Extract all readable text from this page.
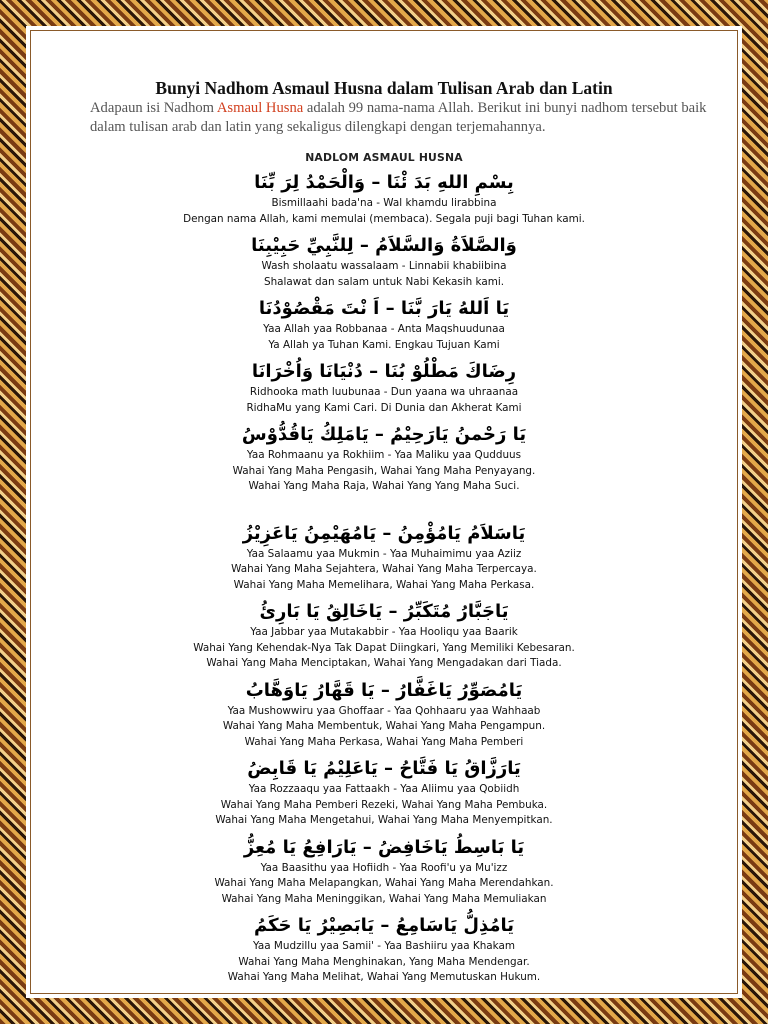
Bunyi Nadhom Asmaul Husna dalam Tulisan Arab dan Latin

Adapaun isi Nadhom Asmaul Husna adalah 99 nama-nama Allah. Berikut ini bunyi nadhom tersebut baik dalam tulisan arab dan latin yang sekaligus dilengkapi dengan terjemahannya.

NADLOM ASMAUL HUSNA
بِسْمِ اللهِ بَدَ ئْنَا – وَالْحَمْدُ لِرَ بِّنَا
Bismillaahi bada'na - Wal khamdu lirabbina
Dengan nama Allah, kami memulai (membaca). Segala puji bagi Tuhan kami.
وَالصَّلاَةُ وَالسَّلاَمُ – لِلنَّبِيِّ حَبِيْبِنَا
Wash sholaatu wassalaam - Linnabii khabiibina
Shalawat dan salam untuk Nabi Kekasih kami.
يَا اَللهُ يَارَ بَّنَا – اَ نْتَ مَقْصُوْدُنَا
Yaa Allah yaa Robbanaa - Anta Maqshuudunaa
Ya Allah ya Tuhan Kami. Engkau Tujuan Kami
رِضَاكَ مَطْلُوْ بُنَا – دُنْيَانَا وَاُخْرَانَا
Ridhooka math luubunaa - Dun yaana wa uhraanaa
RidhaMu yang Kami Cari. Di Dunia dan Akherat Kami
يَا رَحْمنُ يَارَحِيْمُ – يَامَلِكُ يَاقُدُّوْسُ
Yaa Rohmaanu ya Rokhiim - Yaa Maliku yaa Qudduus
Wahai Yang Maha Pengasih, Wahai Yang Maha Penyayang.
Wahai Yang Maha Raja, Wahai Yang Yang Maha Suci.
يَاسَلاَمُ يَامُؤْمِنُ – يَامُهَيْمِنُ يَاعَزِيْزُ
Yaa Salaamu yaa Mukmin - Yaa Muhaimimu yaa Aziiz
Wahai Yang Maha Sejahtera, Wahai Yang Maha Terpercaya.
Wahai Yang Maha Memelihara, Wahai Yang Maha Perkasa.
يَاجَبَّارُ مُتَكَبِّرُ – يَاخَالِقُ يَا بَارِئُ
Yaa Jabbar yaa Mutakabbir - Yaa Hooliqu yaa Baarik
Wahai Yang Kehendak-Nya Tak Dapat Diingkari, Yang Memiliki Kebesaran.
Wahai Yang Maha Menciptakan, Wahai Yang Mengadakan dari Tiada.
يَامُصَوِّرُ يَاغَفَّارُ – يَا قَهَّارُ يَاوَهَّابُ
Yaa Mushowwiru yaa Ghoffaar - Yaa Qohhaaru yaa Wahhaab
Wahai Yang Maha Membentuk, Wahai Yang Maha Pengampun.
Wahai Yang Maha Perkasa, Wahai Yang Maha Pemberi
يَارَزَّاقُ يَا فَتَّاحُ – يَاعَلِيْمُ يَا قَابِضُ
Yaa Rozzaaqu yaa Fattaakh - Yaa Aliimu yaa Qobiidh
Wahai Yang Maha Pemberi Rezeki, Wahai Yang Maha Pembuka.
Wahai Yang Maha Mengetahui, Wahai Yang Maha Menyempitkan.
يَا بَاسِطُ يَاخَافِضُ – يَارَافِعُ يَا مُعِزُّ
Yaa Baasithu yaa Hofiidh - Yaa Roofi'u ya Mu'izz
Wahai Yang Maha Melapangkan, Wahai Yang Maha Merendahkan.
Wahai Yang Maha Meninggikan, Wahai Yang Maha Memuliakan
يَامُذِلُّ يَاسَامِعُ – يَابَصِيْرُ يَا حَكَمُ
Yaa Mudzillu yaa Samii' - Yaa Bashiiru yaa Khakam
Wahai Yang Maha Menghinakan, Yang Maha Mendengar.
Wahai Yang Maha Melihat, Wahai Yang Memutuskan Hukum.
